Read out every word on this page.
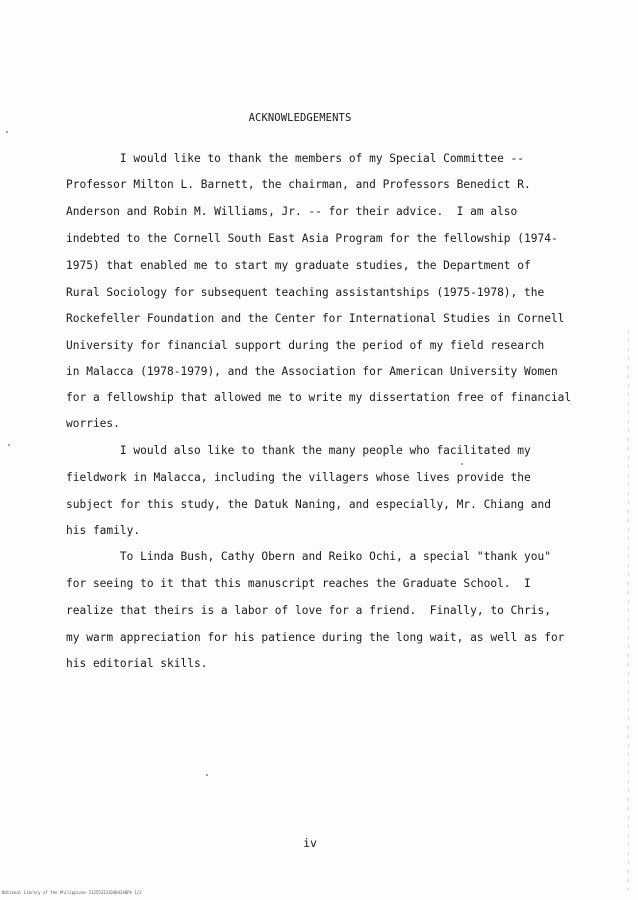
ACKNOWLEDGEMENTS
I would like to thank the members of my Special Committee --
Professor Milton L. Barnett, the chairman, and Professors Benedict R.
Anderson and Robin M. Williams, Jr. -- for their advice.  I am also
indebted to the Cornell South East Asia Program for the fellowship (1974-
1975) that enabled me to start my graduate studies, the Department of
Rural Sociology for subsequent teaching assistantships (1975-1978), the
Rockefeller Foundation and the Center for International Studies in Cornell
University for financial support during the period of my field research
in Malacca (1978-1979), and the Association for American University Women
for a fellowship that allowed me to write my dissertation free of financial
worries.
I would also like to thank the many people who facilitated my
fieldwork in Malacca, including the villagers whose lives provide the
subject for this study, the Datuk Naning, and especially, Mr. Chiang and
his family.
To Linda Bush, Cathy Obern and Reiko Ochi, a special "thank you"
for seeing to it that this manuscript reaches the Graduate School.  I
realize that theirs is a labor of love for a friend.  Finally, to Chris,
my warm appreciation for his patience during the long wait, as well as for
his editorial skills.
iv
National Library of the Philippines 2125531310404240Ph 1/2
